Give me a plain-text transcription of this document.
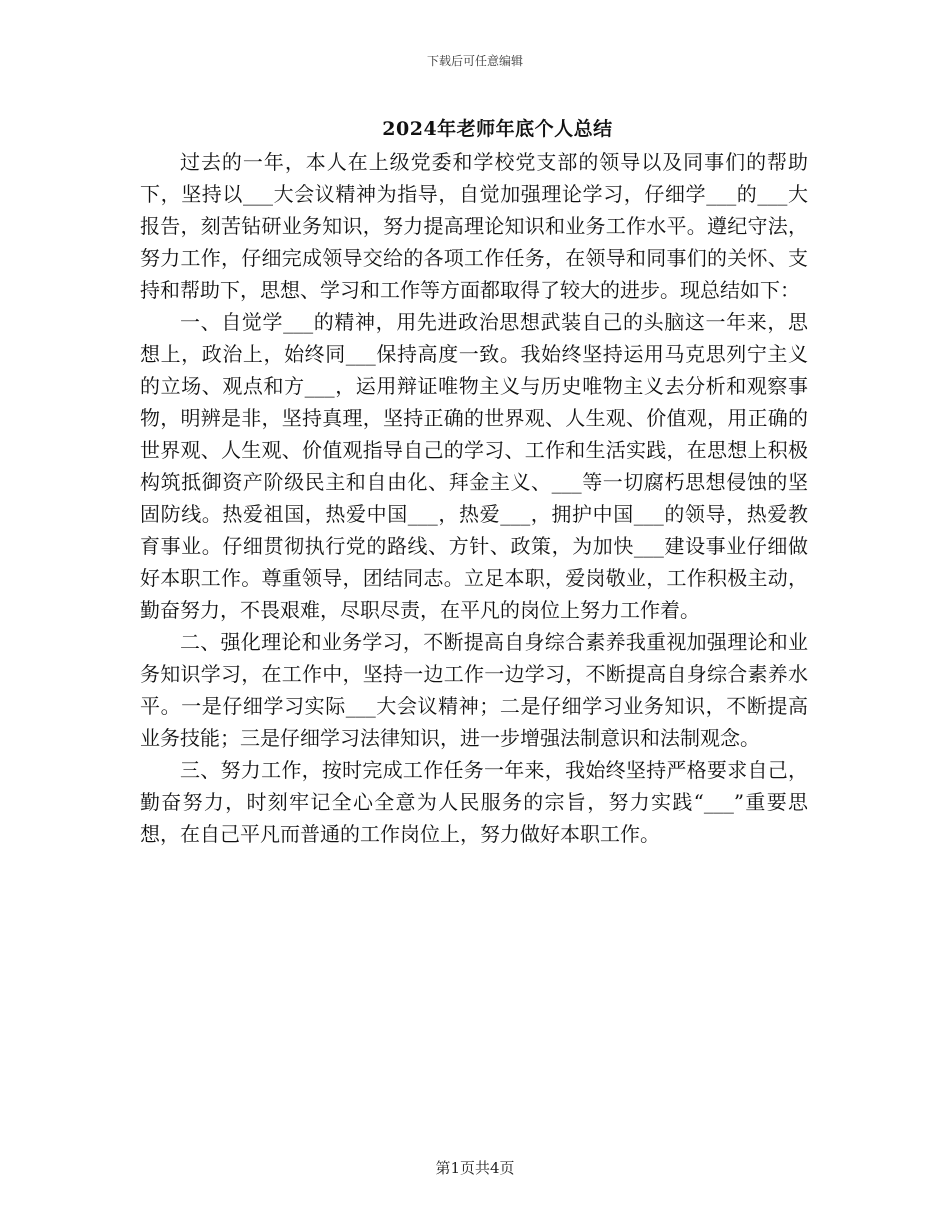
下载后可任意编辑
2024年老师年底个人总结

过去的一年，本人在上级党委和学校党支部的领导以及同事们的帮助下，坚持以___大会议精神为指导，自觉加强理论学习，仔细学___的___大报告，刻苦钻研业务知识，努力提高理论知识和业务工作水平。遵纪守法，努力工作，仔细完成领导交给的各项工作任务，在领导和同事们的关怀、支持和帮助下，思想、学习和工作等方面都取得了较大的进步。现总结如下：

一、自觉学___的精神，用先进政治思想武装自己的头脑这一年来，思想上，政治上，始终同___保持高度一致。我始终坚持运用马克思列宁主义的立场、观点和方___，运用辩证唯物主义与历史唯物主义去分析和观察事物，明辨是非，坚持真理，坚持正确的世界观、人生观、价值观，用正确的世界观、人生观、价值观指导自己的学习、工作和生活实践，在思想上积极构筑抵御资产阶级民主和自由化、拜金主义、___等一切腐朽思想侵蚀的坚固防线。热爱祖国，热爱中国___，热爱___，拥护中国___的领导，热爱教育事业。仔细贯彻执行党的路线、方针、政策，为加快___建设事业仔细做好本职工作。尊重领导，团结同志。立足本职，爱岗敬业，工作积极主动，勤奋努力，不畏艰难，尽职尽责，在平凡的岗位上努力工作着。

二、强化理论和业务学习，不断提高自身综合素养我重视加强理论和业务知识学习，在工作中，坚持一边工作一边学习，不断提高自身综合素养水平。一是仔细学习实际___大会议精神；二是仔细学习业务知识，不断提高业务技能；三是仔细学习法律知识，进一步增强法制意识和法制观念。

三、努力工作，按时完成工作任务一年来，我始终坚持严格要求自己，勤奋努力，时刻牢记全心全意为人民服务的宗旨，努力实践“___”重要思想，在自己平凡而普通的工作岗位上，努力做好本职工作。

第1页共4页
